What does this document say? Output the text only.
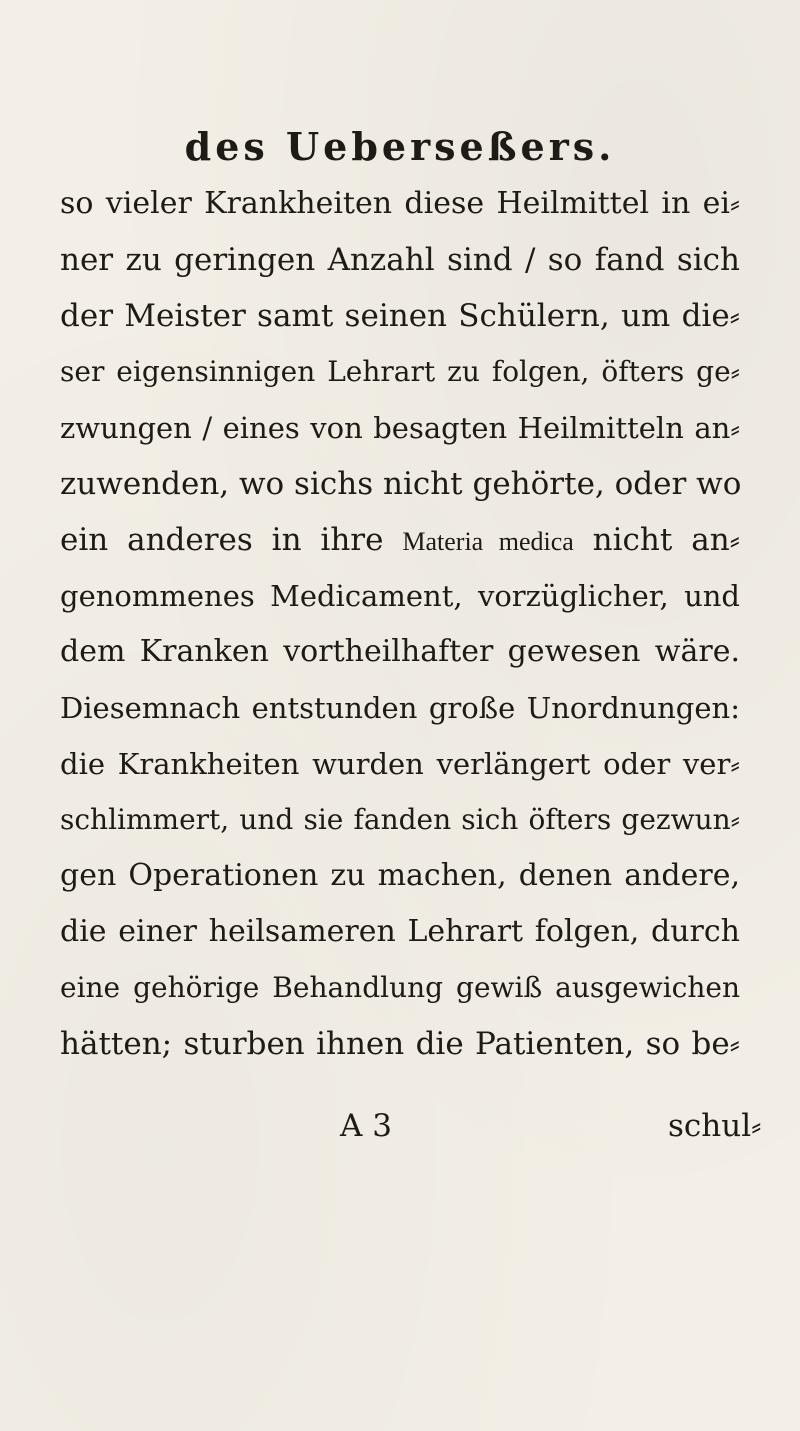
des Ueberseßers.
so vieler Krankheiten diese Heilmittel in ei⸗
ner zu geringen Anzahl sind / so fand sich
der Meister samt seinen Schülern, um die⸗
ser eigensinnigen Lehrart zu folgen, öfters ge⸗
zwungen / eines von besagten Heilmitteln an⸗
zuwenden, wo sichs nicht gehörte, oder wo
ein anderes in ihre Materia medica nicht an⸗
genommenes Medicament, vorzüglicher, und
dem Kranken vortheilhafter gewesen wäre.
Diesemnach entstunden große Unordnungen:
die Krankheiten wurden verlängert oder ver⸗
schlimmert, und sie fanden sich öfters gezwun⸗
gen Operationen zu machen, denen andere,
die einer heilsameren Lehrart folgen, durch
eine gehörige Behandlung gewiß ausgewichen
hätten; sturben ihnen die Patienten, so be⸗
A 3	schul⸗
